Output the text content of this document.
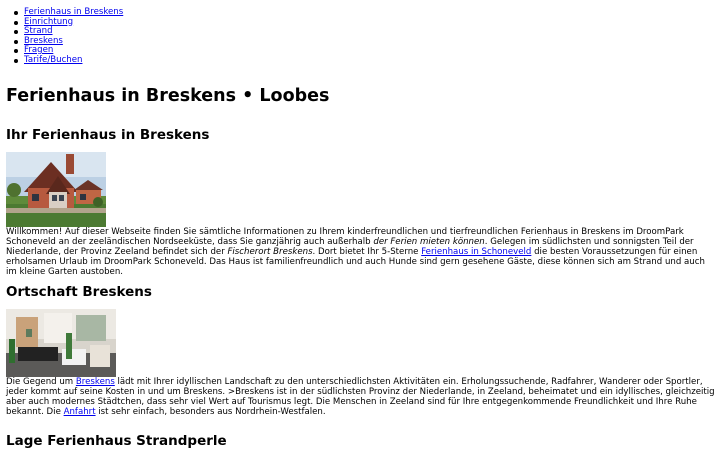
Ferienhaus in Breskens
Einrichtung
Strand
Breskens
Fragen
Tarife/Buchen
Ferienhaus in Breskens • Loobes
Ihr Ferienhaus in Breskens

Willkommen! Auf dieser Webseite finden Sie sämtliche Informationen zu Ihrem kinderfreundlichen und tierfreundlichen Ferienhaus in Breskens im DroomPark Schoneveld an der zeeländischen Nordseeküste, dass Sie ganzjährig auch außerhalb der Ferien mieten können. Gelegen im südlichsten und sonnigsten Teil der Niederlande, der Provinz Zeeland befindet sich der Fischerort Breskens. Dort bietet Ihr 5-Sterne Ferienhaus in Schoneveld die besten Voraussetzungen für einen erholsamen Urlaub im DroomPark Schoneveld. Das Haus ist familienfreundlich und auch Hunde sind gern gesehene Gäste, diese können sich am Strand und auch im kleine Garten austoben.

Ortschaft Breskens

Die Gegend um Breskens lädt mit Ihrer idyllischen Landschaft zu den unterschiedlichsten Aktivitäten ein. Erholungssuchende, Radfahrer, Wanderer oder Sportler, jeder kommt auf seine Kosten in und um Breskens. >Breskens ist in der südlichsten Provinz der Niederlande, in Zeeland, beheimatet und ein idyllisches, gleichzeitig aber auch modernes Städtchen, dass sehr viel Wert auf Tourismus legt. Die Menschen in Zeeland sind für Ihre entgegenkommende Freundlichkeit und Ihre Ruhe bekannt. Die Anfahrt ist sehr einfach, besonders aus Nordrhein-Westfalen.

Lage Ferienhaus Strandperle
